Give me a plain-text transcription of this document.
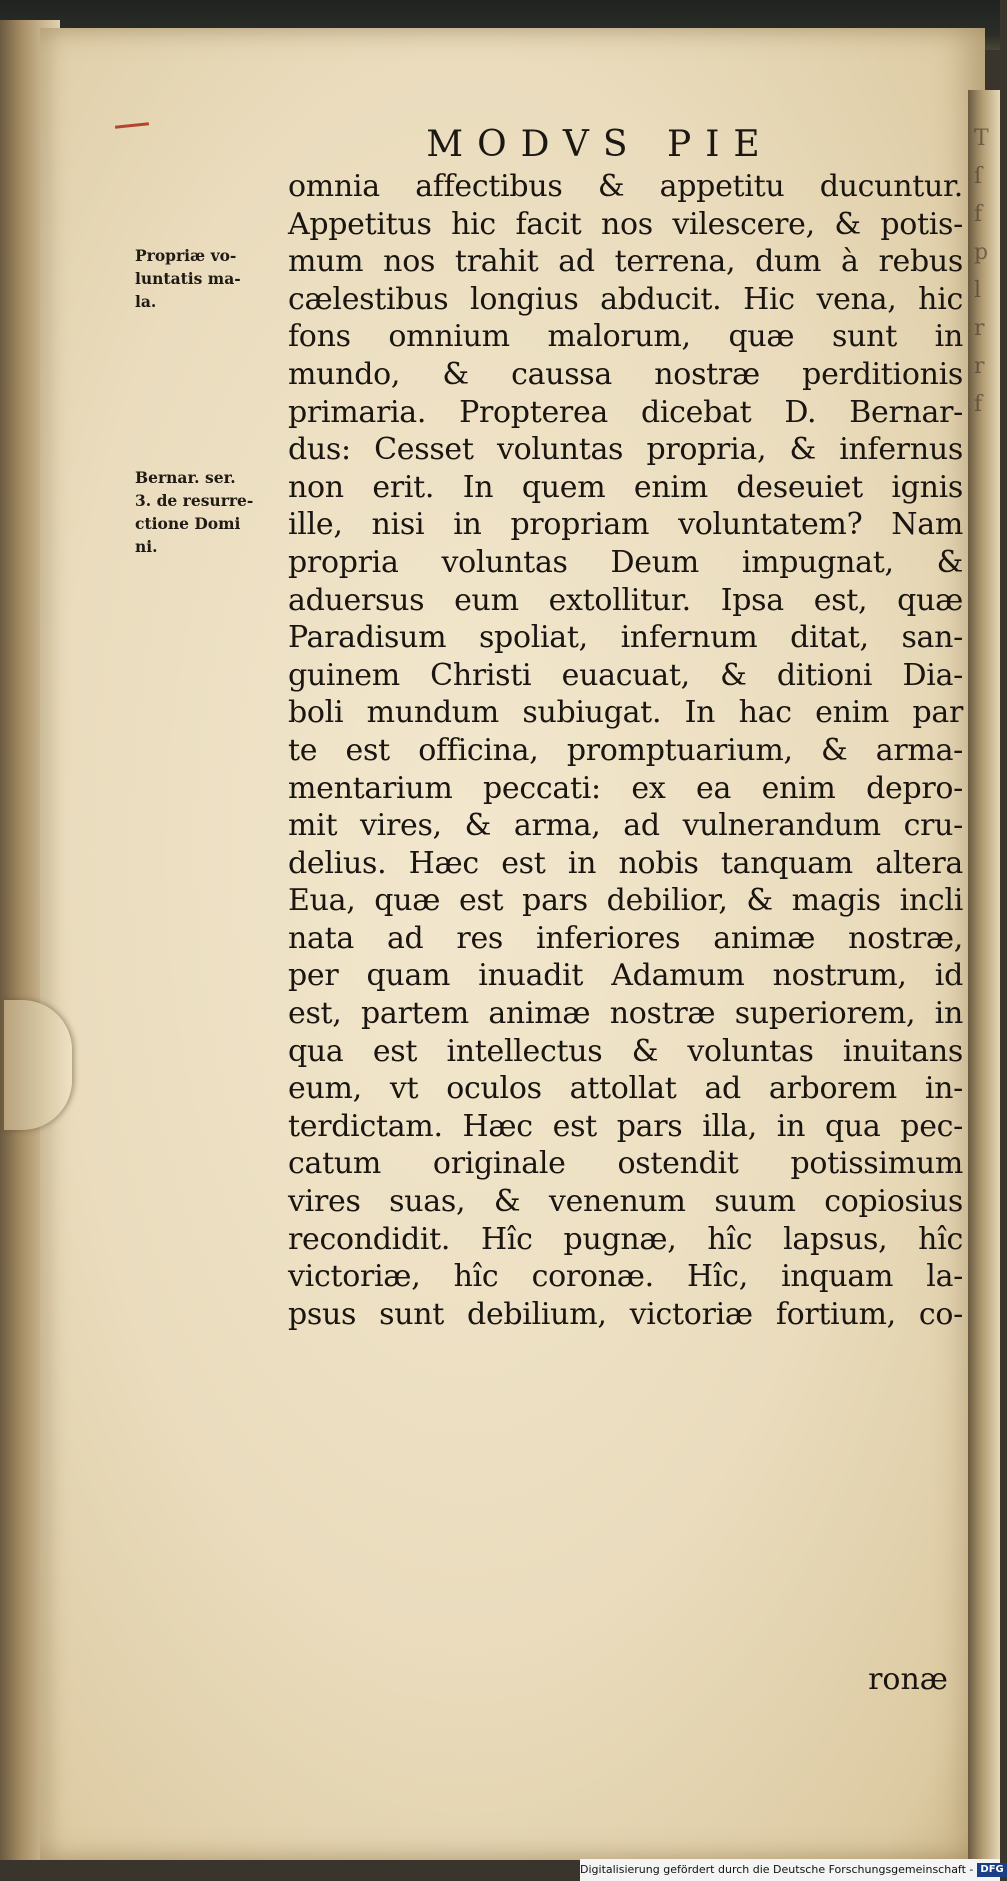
T
ſ
f
p
l
r
r
f
MODVS PIE
Propriæ vo-
luntatis ma-
la.
Bernar. ser.
3. de resurre-
ctione Domi
ni.
omnia affectibus & appetitu ducuntur.
Appetitus hic facit nos vilescere, & potis-
mum nos trahit ad terrena, dum à rebus
cælestibus longius abducit. Hic vena, hic
fons omnium malorum, quæ sunt in
mundo, & caussa nostræ perditionis
primaria. Propterea dicebat D. Bernar-
dus: Cesset voluntas propria, & infernus
non erit. In quem enim deseuiet ignis
ille, nisi in propriam voluntatem? Nam
propria voluntas Deum impugnat, &
aduersus eum extollitur. Ipsa est, quæ
Paradisum spoliat, infernum ditat, san-
guinem Christi euacuat, & ditioni Dia-
boli mundum subiugat. In hac enim par
te est officina, promptuarium, & arma-
mentarium peccati: ex ea enim depro-
mit vires, & arma, ad vulnerandum cru-
delius. Hæc est in nobis tanquam altera
Eua, quæ est pars debilior, & magis incli
nata ad res inferiores animæ nostræ,
per quam inuadit Adamum nostrum, id
est, partem animæ nostræ superiorem, in
qua est intellectus & voluntas inuitans
eum, vt oculos attollat ad arborem in-
terdictam. Hæc est pars illa, in qua pec-
catum originale ostendit potissimum
vires suas, & venenum suum copiosius
recondidit. Hîc pugnæ, hîc lapsus, hîc
victoriæ, hîc coronæ. Hîc, inquam la-
psus sunt debilium, victoriæ fortium, co-
ronæ
Digitalisierung gefördert durch die Deutsche Forschungsgemeinschaft - DFG
